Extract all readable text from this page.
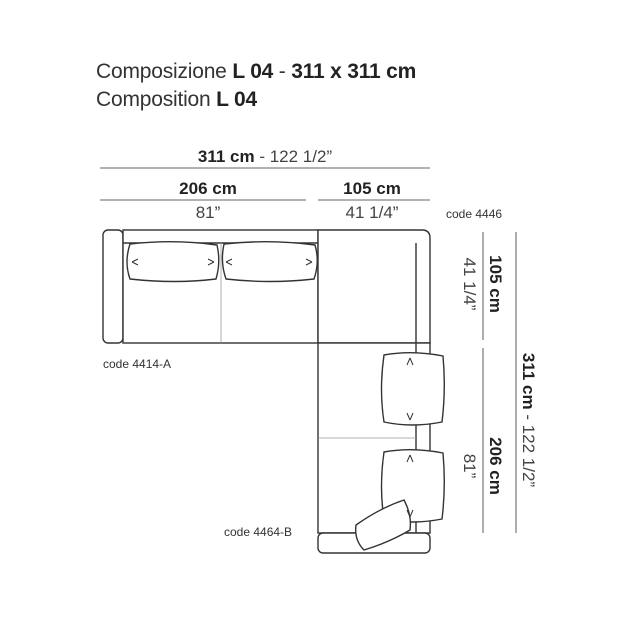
Composizione L 04 - 311 x 311 cm
Composition L 04
311 cm - 122 1/2”
206 cm
81”
105 cm
41 1/4”
105 cm
41 1/4”
206 cm
81”
311 cm - 122 1/2”
code 4446
code 4414-A
code 4464-B
